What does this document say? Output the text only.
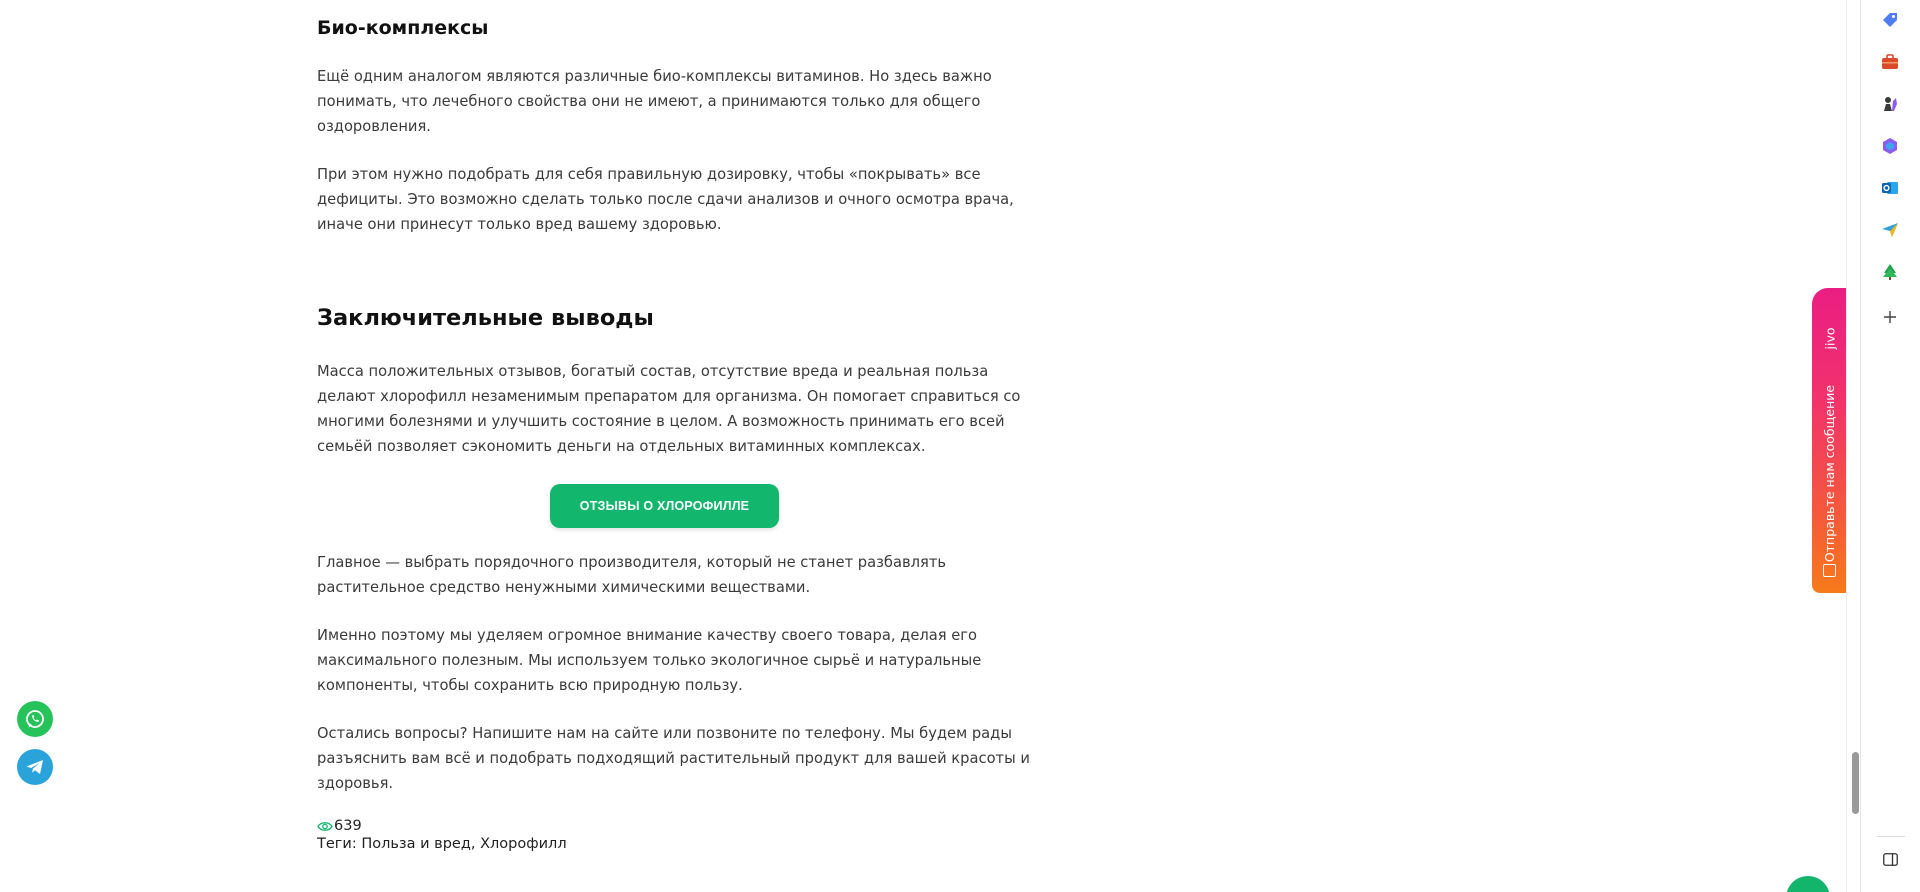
Био-комплексы
Ещё одним аналогом являются различные био-комплексы витаминов. Но здесь важно
понимать, что лечебного свойства они не имеют, а принимаются только для общего
оздоровления.
При этом нужно подобрать для себя правильную дозировку, чтобы «покрывать» все
дефициты. Это возможно сделать только после сдачи анализов и очного осмотра врача,
иначе они принесут только вред вашему здоровью.
Заключительные выводы
Масса положительных отзывов, богатый состав, отсутствие вреда и реальная польза
делают хлорофилл незаменимым препаратом для организма. Он помогает справиться со
многими болезнями и улучшить состояние в целом. А возможность принимать его всей
семьёй позволяет сэкономить деньги на отдельных витаминных комплексах.
ОТЗЫВЫ О ХЛОРОФИЛЛЕ
Главное — выбрать порядочного производителя, который не станет разбавлять
растительное средство ненужными химическими веществами.
Именно поэтому мы уделяем огромное внимание качеству своего товара, делая его
максимального полезным. Мы используем только экологичное сырьё и натуральные
компоненты, чтобы сохранить всю природную пользу.
Остались вопросы? Напишите нам на сайте или позвоните по телефону. Мы будем рады
разъяснить вам всё и подобрать подходящий растительный продукт для вашей красоты и
здоровья.
639
Теги: Польза и вред, Хлорофилл
jivo
Отправьте нам сообщение
